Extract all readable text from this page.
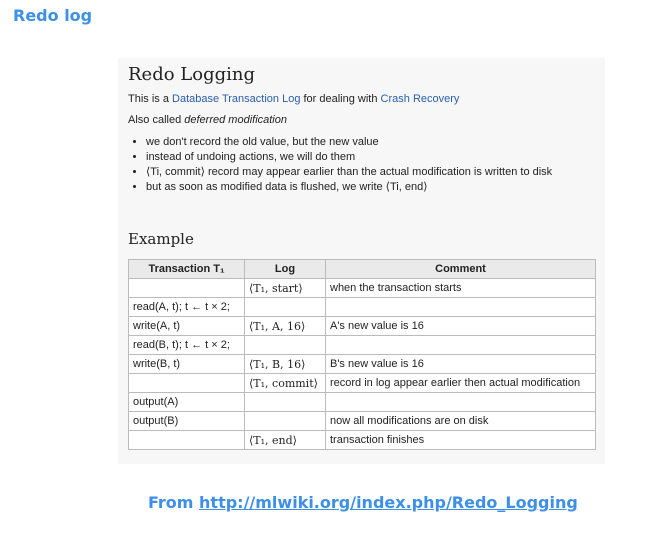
Redo log
Redo Logging
This is a Database Transaction Log for dealing with Crash Recovery
Also called deferred modification
• we don't record the old value, but the new value
• instead of undoing actions, we will do them
• ⟨Ti, commit⟩ record may appear earlier than the actual modification is written to disk
• but as soon as modified data is flushed, we write ⟨Ti, end⟩
Example
Transaction T₁	Log	Comment
	⟨T₁, start⟩	when the transaction starts
read(A, t); t ← t × 2;		
write(A, t)	⟨T₁, A, 16⟩	A's new value is 16
read(B, t); t ← t × 2;		
write(B, t)	⟨T₁, B, 16⟩	B's new value is 16
	⟨T₁, commit⟩	record in log appear earlier then actual modification
output(A)		
output(B)		now all modifications are on disk
	⟨T₁, end⟩	transaction finishes
From http://mlwiki.org/index.php/Redo_Logging
